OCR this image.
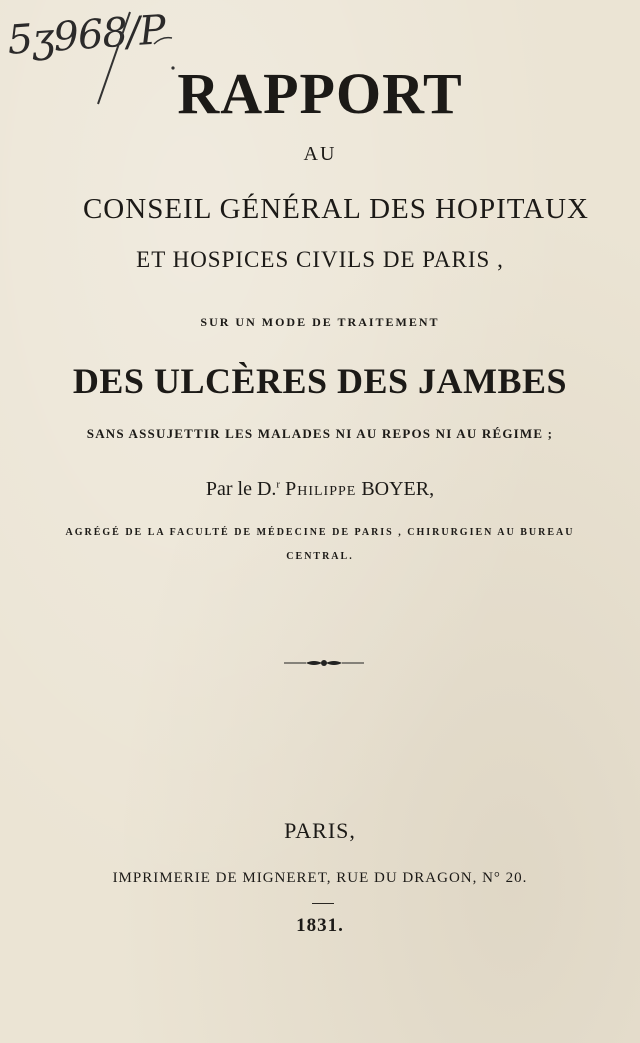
5ʒ968/P
RAPPORT
AU
CONSEIL GÉNÉRAL DES HOPITAUX
ET HOSPICES CIVILS DE PARIS ,
SUR UN MODE DE TRAITEMENT
DES ULCÈRES DES JAMBES
SANS ASSUJETTIR LES MALADES NI AU REPOS NI AU RÉGIME ;
Par le D.$^r$ Philippe BOYER,
AGRÉGÉ DE LA FACULTÉ DE MÉDECINE DE PARIS , CHIRURGIEN AU BUREAU
CENTRAL.
PARIS,
IMPRIMERIE DE MIGNERET, RUE DU DRAGON, N° 20.
1831.
